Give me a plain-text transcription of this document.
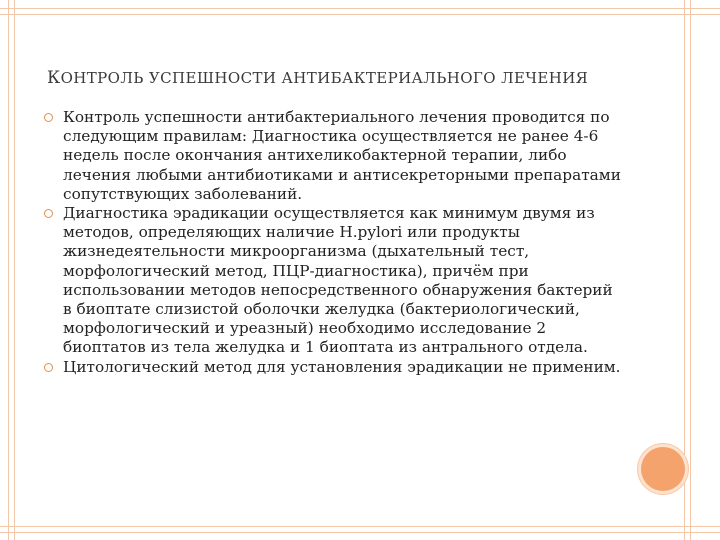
КОНТРОЛЬ УСПЕШНОСТИ АНТИБАКТЕРИАЛЬНОГО ЛЕЧЕНИЯ

Контроль успешности антибактериального лечения проводится по следующим правилам: Диагностика осуществляется не ранее 4-6 недель после окончания антихеликобактерной терапии, либо лечения любыми антибиотиками и антисекреторными препаратами сопутствующих заболеваний.

Диагностика эрадикации осуществляется как минимум двумя из методов, определяющих наличие H.pylori или продукты жизнедеятельности микроорганизма (дыхательный тест, морфологический метод, ПЦР-диагностика), причём при использовании методов непосредственного обнаружения бактерий в биоптате слизистой оболочки желудка (бактериологический, морфологический и уреазный) необходимо исследование 2 биоптатов из тела желудка и 1 биоптата из антрального отдела.

Цитологический метод для установления эрадикации не применим.
